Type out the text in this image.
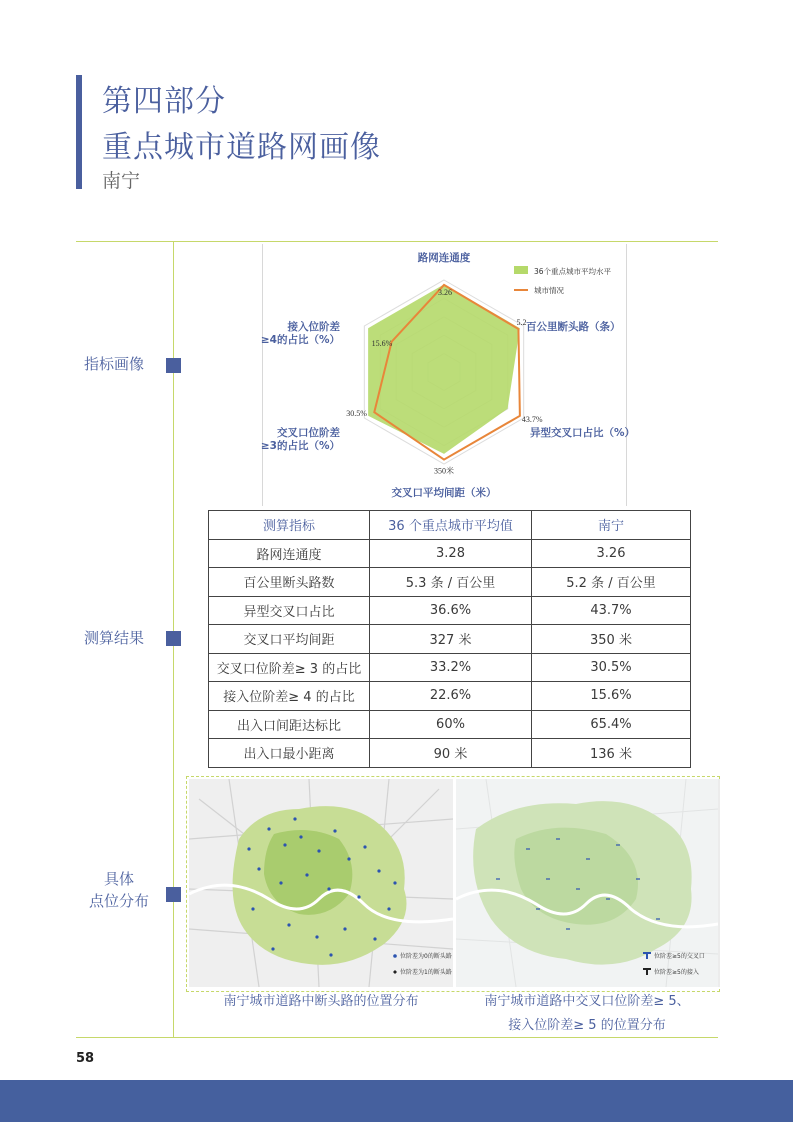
第四部分
重点城市道路网画像
南宁
指标画像
测算结果
具体
点位分布
路网连通度
百公里断头路（条）
异型交叉口占比（%）
交叉口平均间距（米）
交叉口位阶差
≥3的占比（%）
接入位阶差
≥4的占比（%）
3.26
5.2
43.7%
350米
30.5%
15.6%
36个重点城市平均水平
城市情况
测算指标	36 个重点城市平均值	南宁
路网连通度	3.28	3.26
百公里断头路数	5.3 条 / 百公里	5.2 条 / 百公里
异型交叉口占比	36.6%	43.7%
交叉口平均间距	327 米	350 米
交叉口位阶差≥ 3 的占比	33.2%	30.5%
接入位阶差≥ 4 的占比	22.6%	15.6%
出入口间距达标比	60%	65.4%
出入口最小距离	90 米	136 米
位阶差为0的断头路
位阶差为1的断头路
位阶差≥5的交叉口
位阶差≥5的接入
南宁城市道路中断头路的位置分布	南宁城市道路中交叉口位阶差≥ 5、
接入位阶差≥ 5 的位置分布
58
